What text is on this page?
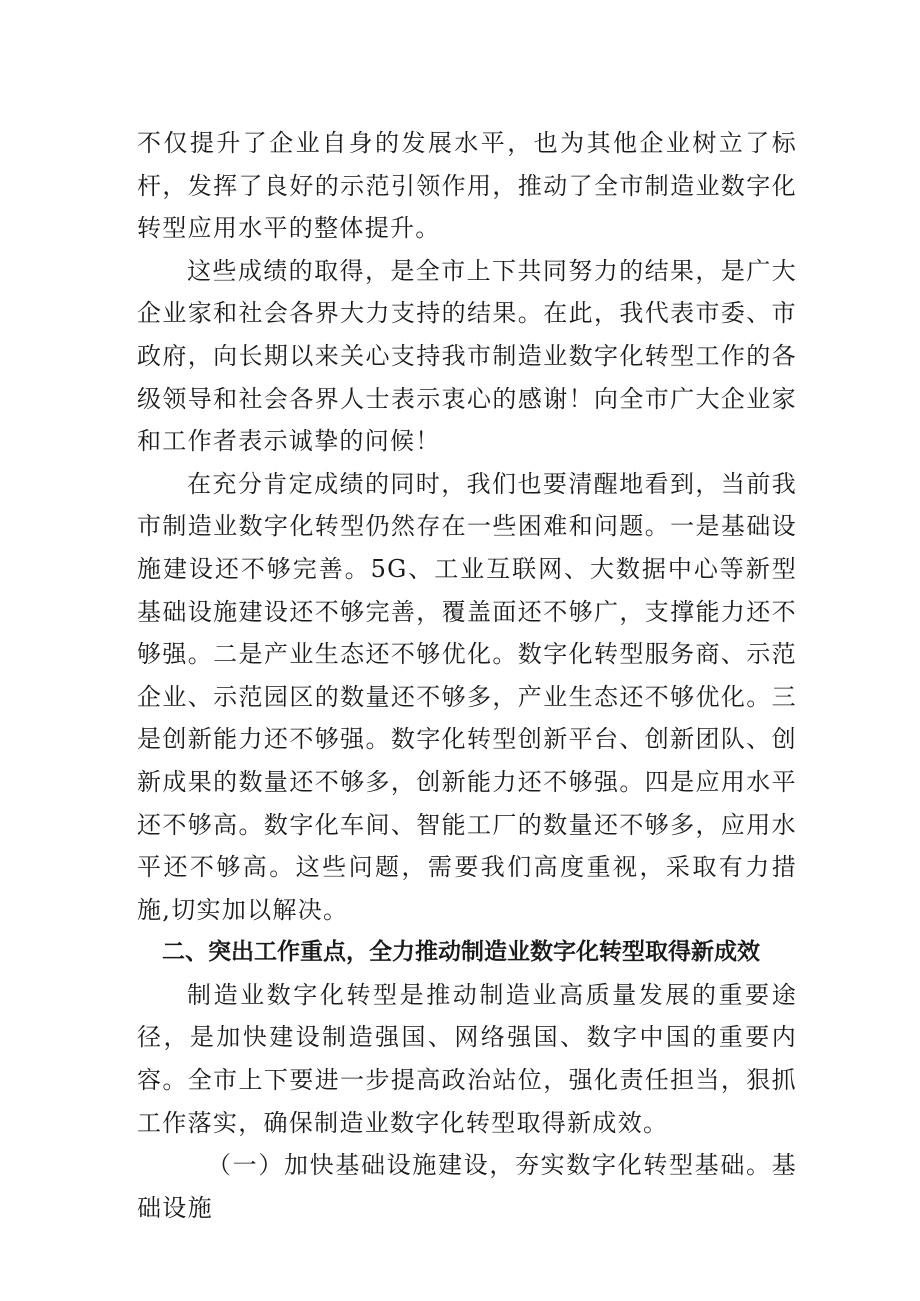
不仅提升了企业自身的发展水平，也为其他企业树立了标杆，发挥了良好的示范引领作用，推动了全市制造业数字化转型应用水平的整体提升。

这些成绩的取得，是全市上下共同努力的结果，是广大企业家和社会各界大力支持的结果。在此，我代表市委、市政府，向长期以来关心支持我市制造业数字化转型工作的各级领导和社会各界人士表示衷心的感谢！向全市广大企业家和工作者表示诚挚的问候！

在充分肯定成绩的同时，我们也要清醒地看到，当前我市制造业数字化转型仍然存在一些困难和问题。一是基础设施建设还不够完善。5G、工业互联网、大数据中心等新型基础设施建设还不够完善，覆盖面还不够广，支撑能力还不够强。二是产业生态还不够优化。数字化转型服务商、示范企业、示范园区的数量还不够多，产业生态还不够优化。三是创新能力还不够强。数字化转型创新平台、创新团队、创新成果的数量还不够多，创新能力还不够强。四是应用水平还不够高。数字化车间、智能工厂的数量还不够多，应用水平还不够高。这些问题，需要我们高度重视，采取有力措施,切实加以解决。

二、突出工作重点，全力推动制造业数字化转型取得新成效

制造业数字化转型是推动制造业高质量发展的重要途径，是加快建设制造强国、网络强国、数字中国的重要内容。全市上下要进一步提高政治站位，强化责任担当，狠抓工作落实，确保制造业数字化转型取得新成效。

（一）加快基础设施建设，夯实数字化转型基础。基础设施
